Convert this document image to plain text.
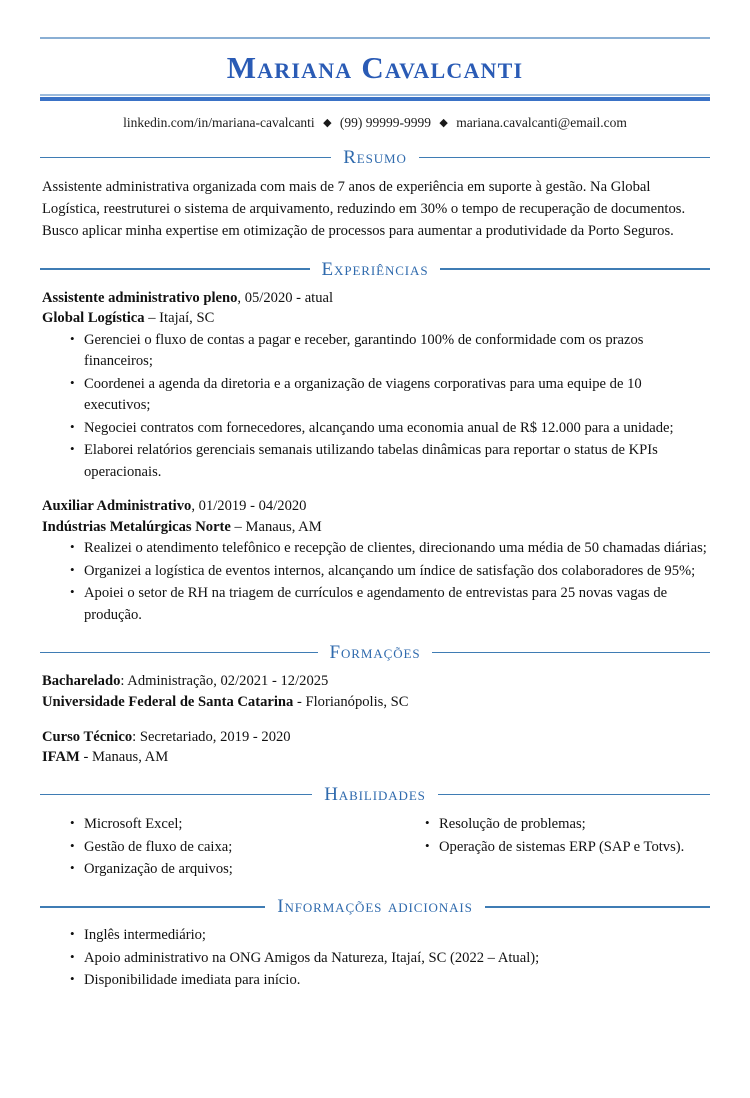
Mariana Cavalcanti
linkedin.com/in/mariana-cavalcanti ◆ (99) 99999-9999 ◆ mariana.cavalcanti@email.com
Resumo
Assistente administrativa organizada com mais de 7 anos de experiência em suporte à gestão. Na Global Logística, reestruturei o sistema de arquivamento, reduzindo em 30% o tempo de recuperação de documentos. Busco aplicar minha expertise em otimização de processos para aumentar a produtividade da Porto Seguros.
Experiências
Assistente administrativo pleno, 05/2020 - atual
Global Logística – Itajaí, SC
• Gerenciei o fluxo de contas a pagar e receber, garantindo 100% de conformidade com os prazos financeiros;
• Coordenei a agenda da diretoria e a organização de viagens corporativas para uma equipe de 10 executivos;
• Negociei contratos com fornecedores, alcançando uma economia anual de R$ 12.000 para a unidade;
• Elaborei relatórios gerenciais semanais utilizando tabelas dinâmicas para reportar o status de KPIs operacionais.
Auxiliar Administrativo, 01/2019 - 04/2020
Indústrias Metalúrgicas Norte – Manaus, AM
• Realizei o atendimento telefônico e recepção de clientes, direcionando uma média de 50 chamadas diárias;
• Organizei a logística de eventos internos, alcançando um índice de satisfação dos colaboradores de 95%;
• Apoiei o setor de RH na triagem de currículos e agendamento de entrevistas para 25 novas vagas de produção.
Formações
Bacharelado: Administração, 02/2021 - 12/2025
Universidade Federal de Santa Catarina - Florianópolis, SC
Curso Técnico: Secretariado, 2019 - 2020
IFAM - Manaus, AM
Habilidades
• Microsoft Excel;
• Gestão de fluxo de caixa;
• Organização de arquivos;
• Resolução de problemas;
• Operação de sistemas ERP (SAP e Totvs).
Informações adicionais
• Inglês intermediário;
• Apoio administrativo na ONG Amigos da Natureza, Itajaí, SC (2022 – Atual);
• Disponibilidade imediata para início.
